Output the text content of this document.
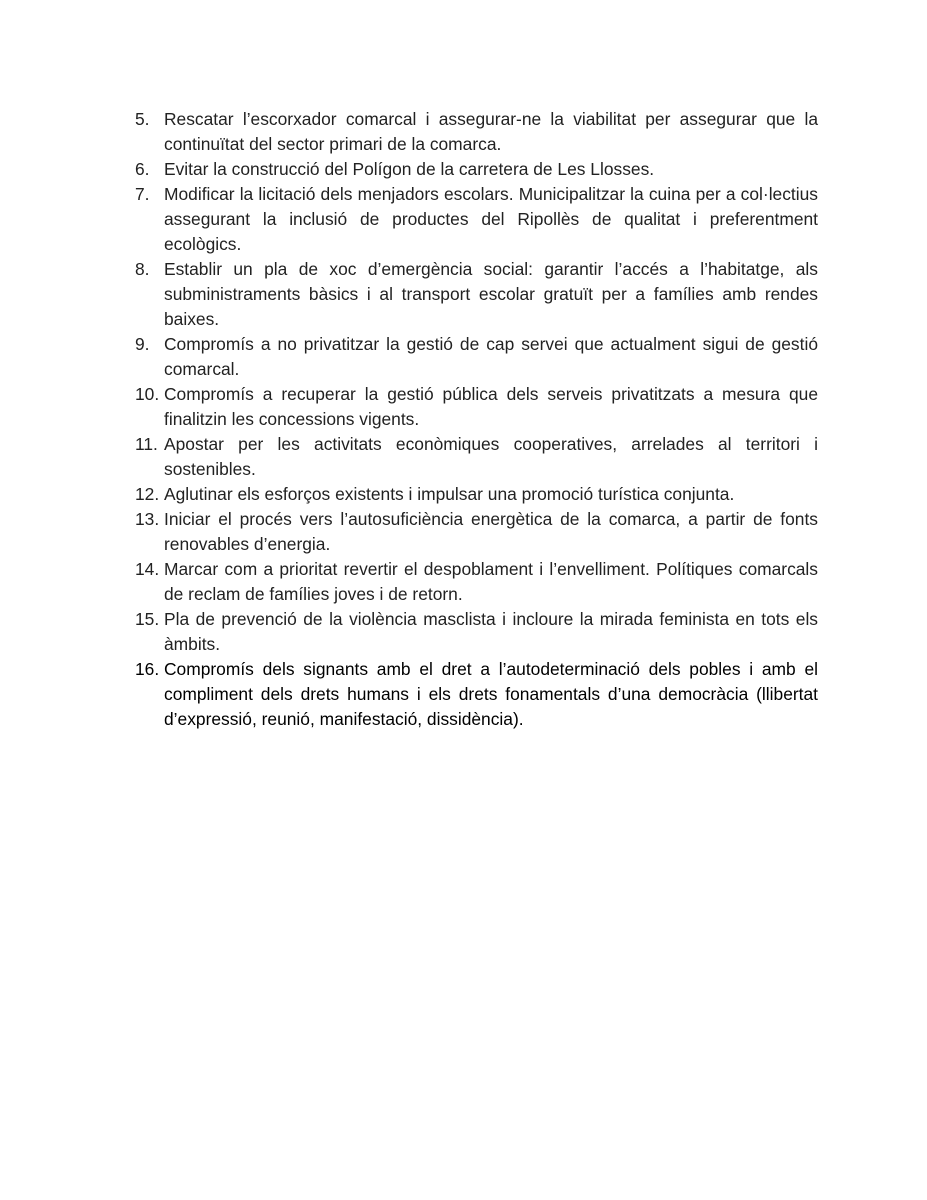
5. Rescatar l’escorxador comarcal i assegurar-ne la viabilitat per assegurar que la continuïtat del sector primari de la comarca.
6. Evitar la construcció del Polígon de la carretera de Les Llosses.
7. Modificar la licitació dels menjadors escolars. Municipalitzar la cuina per a col·lectius assegurant la inclusió de productes del Ripollès de qualitat i preferentment ecològics.
8. Establir un pla de xoc d’emergència social: garantir l’accés a l’habitatge, als subministraments bàsics i al transport escolar gratuït per a famílies amb rendes baixes.
9. Compromís a no privatitzar la gestió de cap servei que actualment sigui de gestió comarcal.
10. Compromís a recuperar la gestió pública dels serveis privatitzats a mesura que finalitzin les concessions vigents.
11. Apostar per les activitats econòmiques cooperatives, arrelades al territori i sostenibles.
12. Aglutinar els esforços existents i impulsar una promoció turística conjunta.
13. Iniciar el procés vers l’autosuficiència energètica de la comarca, a partir de fonts renovables d’energia.
14. Marcar com a prioritat revertir el despoblament i l’envelliment. Polítiques comarcals de reclam de famílies joves i de retorn.
15. Pla de prevenció de la violència masclista i incloure la mirada feminista en tots els àmbits.
16. Compromís dels signants amb el dret a l’autodeterminació dels pobles i amb el compliment dels drets humans i els drets fonamentals d’una democràcia (llibertat d’expressió, reunió, manifestació, dissidència).
